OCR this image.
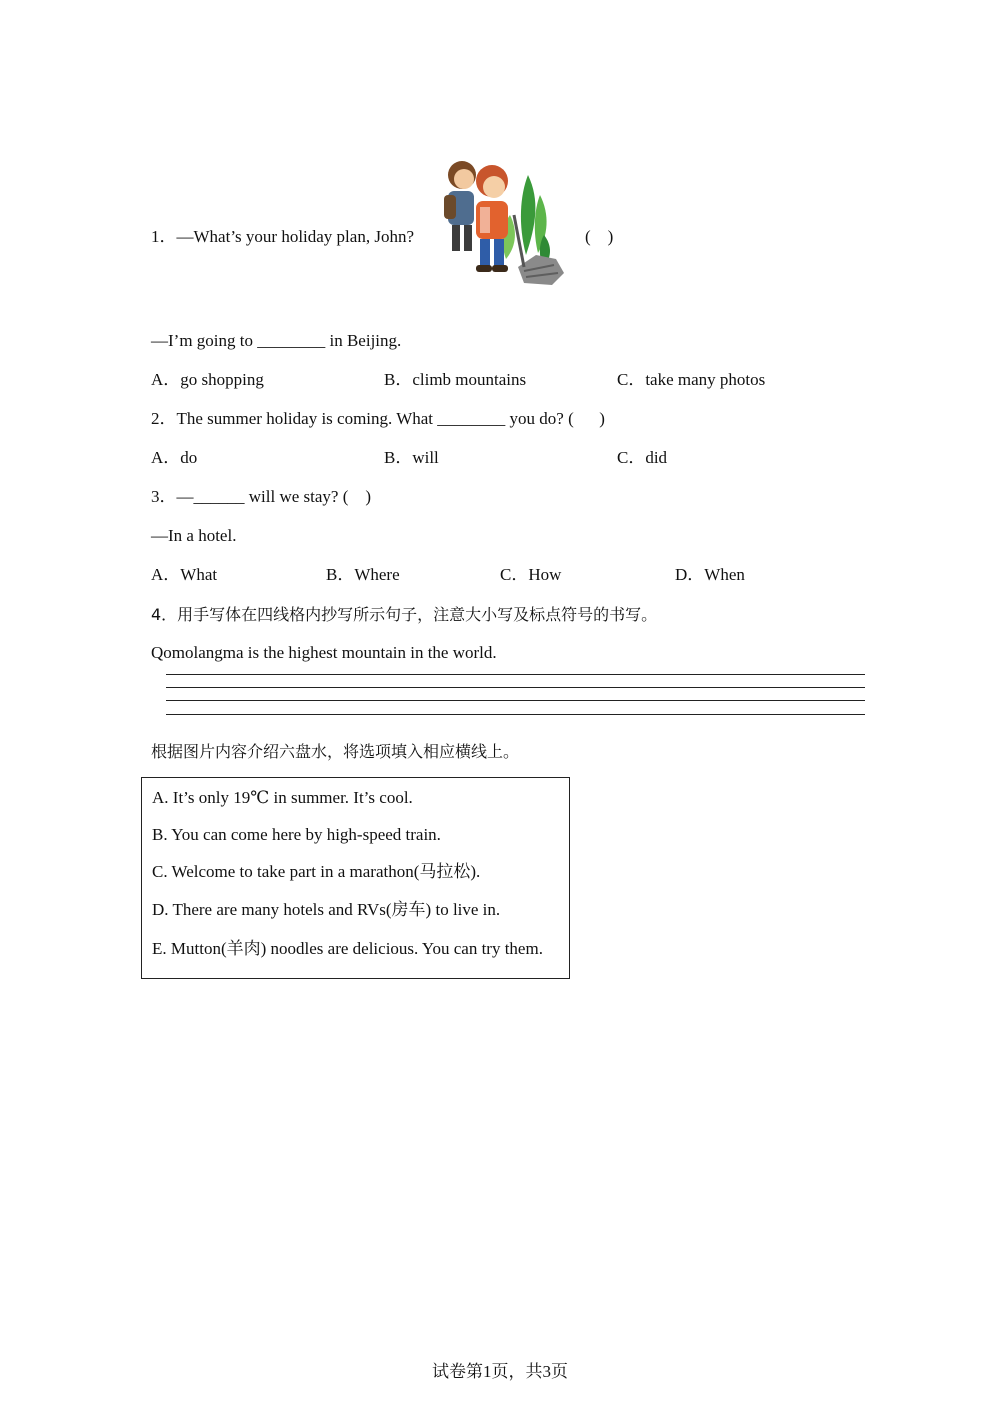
1．—What’s your holiday plan, John?	(    )
—I’m going to ________ in Beijing.
A．go shopping	B．climb mountains	C．take many photos
2．The summer holiday is coming. What ________ you do? (      )
A．do	B．will	C．did
3．—______ will we stay? (    )
—In a hotel.
A．What	B．Where	C．How	D．When
4．用手写体在四线格内抄写所示句子，注意大小写及标点符号的书写。
Qomolangma is the highest mountain in the world.
根据图片内容介绍六盘水，将选项填入相应横线上。
A. It’s only 19℃ in summer. It’s cool.
B. You can come here by high-speed train.
C. Welcome to take part in a marathon(马拉松).
D. There are many hotels and RVs(房车) to live in.
E. Mutton(羊肉) noodles are delicious. You can try them.
试卷第1页，共3页
